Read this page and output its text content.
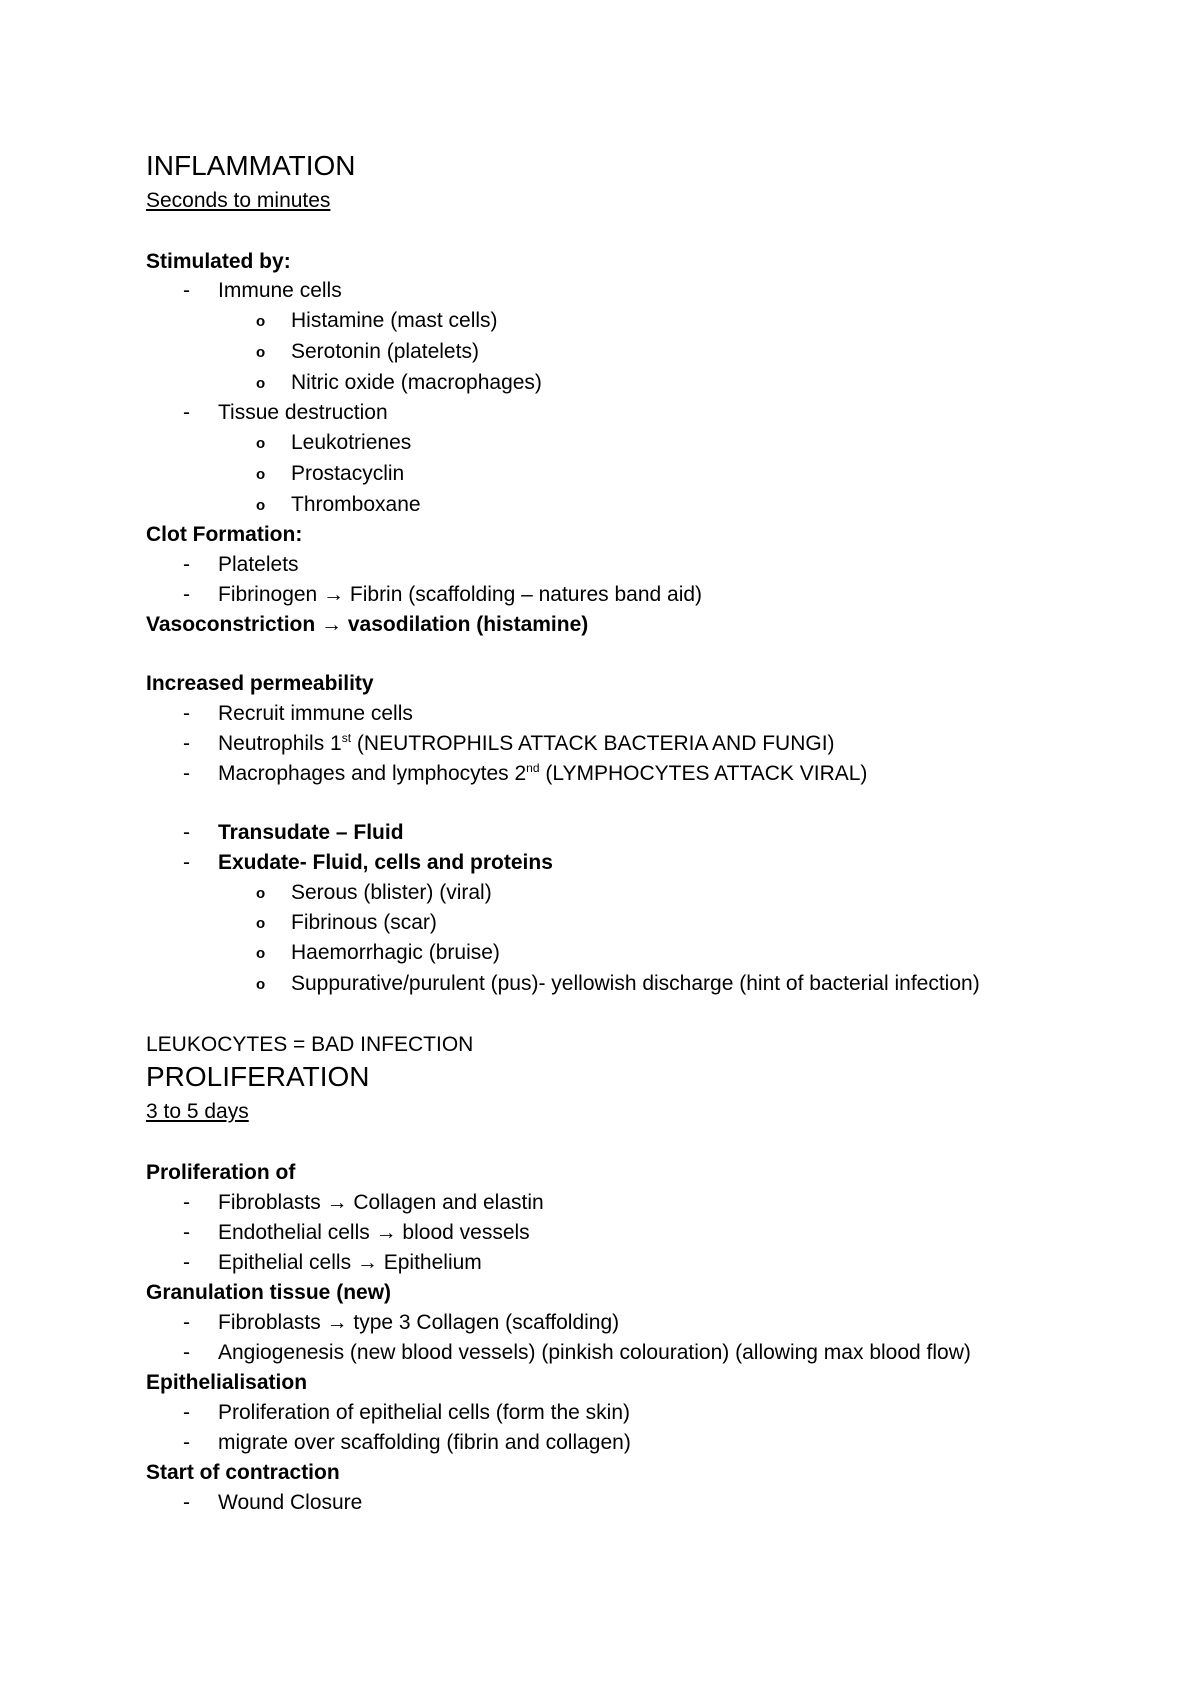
INFLAMMATION
Seconds to minutes
Stimulated by:
- Immune cells
o Histamine (mast cells)
o Serotonin (platelets)
o Nitric oxide (macrophages)
- Tissue destruction
o Leukotrienes
o Prostacyclin
o Thromboxane
Clot Formation:
- Platelets
- Fibrinogen → Fibrin (scaffolding – natures band aid)
Vasoconstriction → vasodilation (histamine)
Increased permeability
- Recruit immune cells
- Neutrophils 1st (NEUTROPHILS ATTACK BACTERIA AND FUNGI)
- Macrophages and lymphocytes 2nd (LYMPHOCYTES ATTACK VIRAL)
- Transudate – Fluid
- Exudate- Fluid, cells and proteins
o Serous (blister) (viral)
o Fibrinous (scar)
o Haemorrhagic (bruise)
o Suppurative/purulent (pus)- yellowish discharge (hint of bacterial infection)
LEUKOCYTES = BAD INFECTION
PROLIFERATION
3 to 5 days
Proliferation of
- Fibroblasts → Collagen and elastin
- Endothelial cells → blood vessels
- Epithelial cells → Epithelium
Granulation tissue (new)
- Fibroblasts → type 3 Collagen (scaffolding)
- Angiogenesis (new blood vessels) (pinkish colouration) (allowing max blood flow)
Epithelialisation
- Proliferation of epithelial cells (form the skin)
- migrate over scaffolding (fibrin and collagen)
Start of contraction
- Wound Closure
